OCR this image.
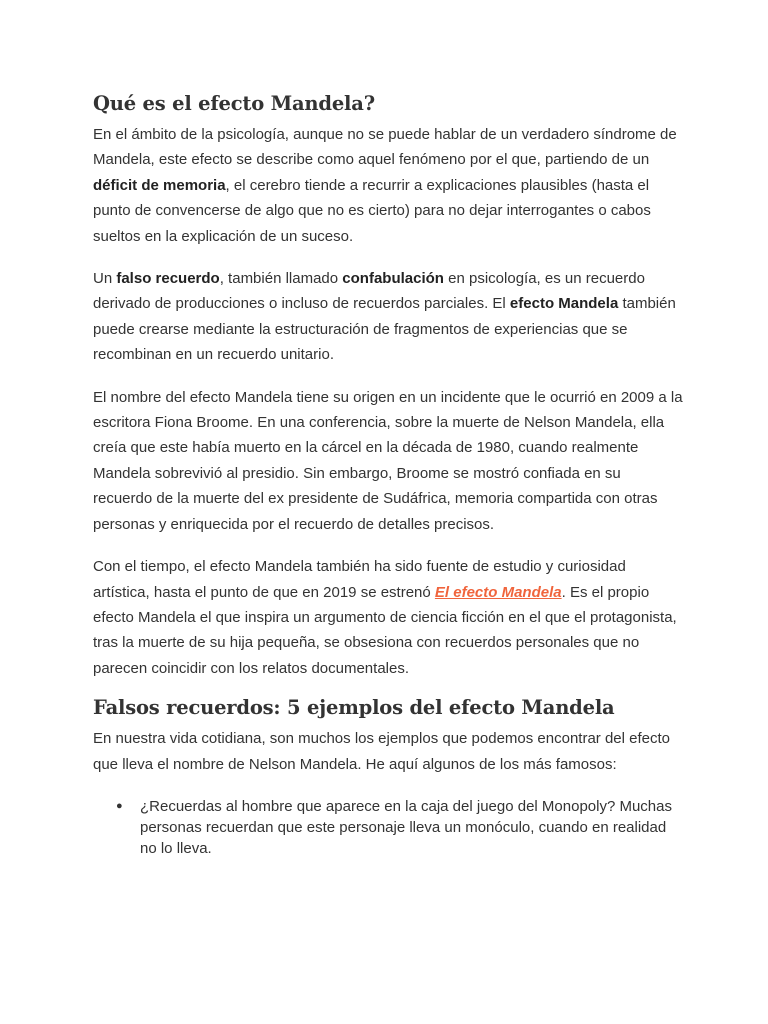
Qué es el efecto Mandela?

En el ámbito de la psicología, aunque no se puede hablar de un verdadero síndrome de Mandela, este efecto se describe como aquel fenómeno por el que, partiendo de un déficit de memoria, el cerebro tiende a recurrir a explicaciones plausibles (hasta el punto de convencerse de algo que no es cierto) para no dejar interrogantes o cabos sueltos en la explicación de un suceso.

Un falso recuerdo, también llamado confabulación en psicología, es un recuerdo derivado de producciones o incluso de recuerdos parciales. El efecto Mandela también puede crearse mediante la estructuración de fragmentos de experiencias que se recombinan en un recuerdo unitario.

El nombre del efecto Mandela tiene su origen en un incidente que le ocurrió en 2009 a la escritora Fiona Broome. En una conferencia, sobre la muerte de Nelson Mandela, ella creía que este había muerto en la cárcel en la década de 1980, cuando realmente Mandela sobrevivió al presidio. Sin embargo, Broome se mostró confiada en su recuerdo de la muerte del ex presidente de Sudáfrica, memoria compartida con otras personas y enriquecida por el recuerdo de detalles precisos.

Con el tiempo, el efecto Mandela también ha sido fuente de estudio y curiosidad artística, hasta el punto de que en 2019 se estrenó El efecto Mandela. Es el propio efecto Mandela el que inspira un argumento de ciencia ficción en el que el protagonista, tras la muerte de su hija pequeña, se obsesiona con recuerdos personales que no parecen coincidir con los relatos documentales.

Falsos recuerdos: 5 ejemplos del efecto Mandela

En nuestra vida cotidiana, son muchos los ejemplos que podemos encontrar del efecto que lleva el nombre de Nelson Mandela. He aquí algunos de los más famosos:

● ¿Recuerdas al hombre que aparece en la caja del juego del Monopoly? Muchas personas recuerdan que este personaje lleva un monóculo, cuando en realidad no lo lleva.
